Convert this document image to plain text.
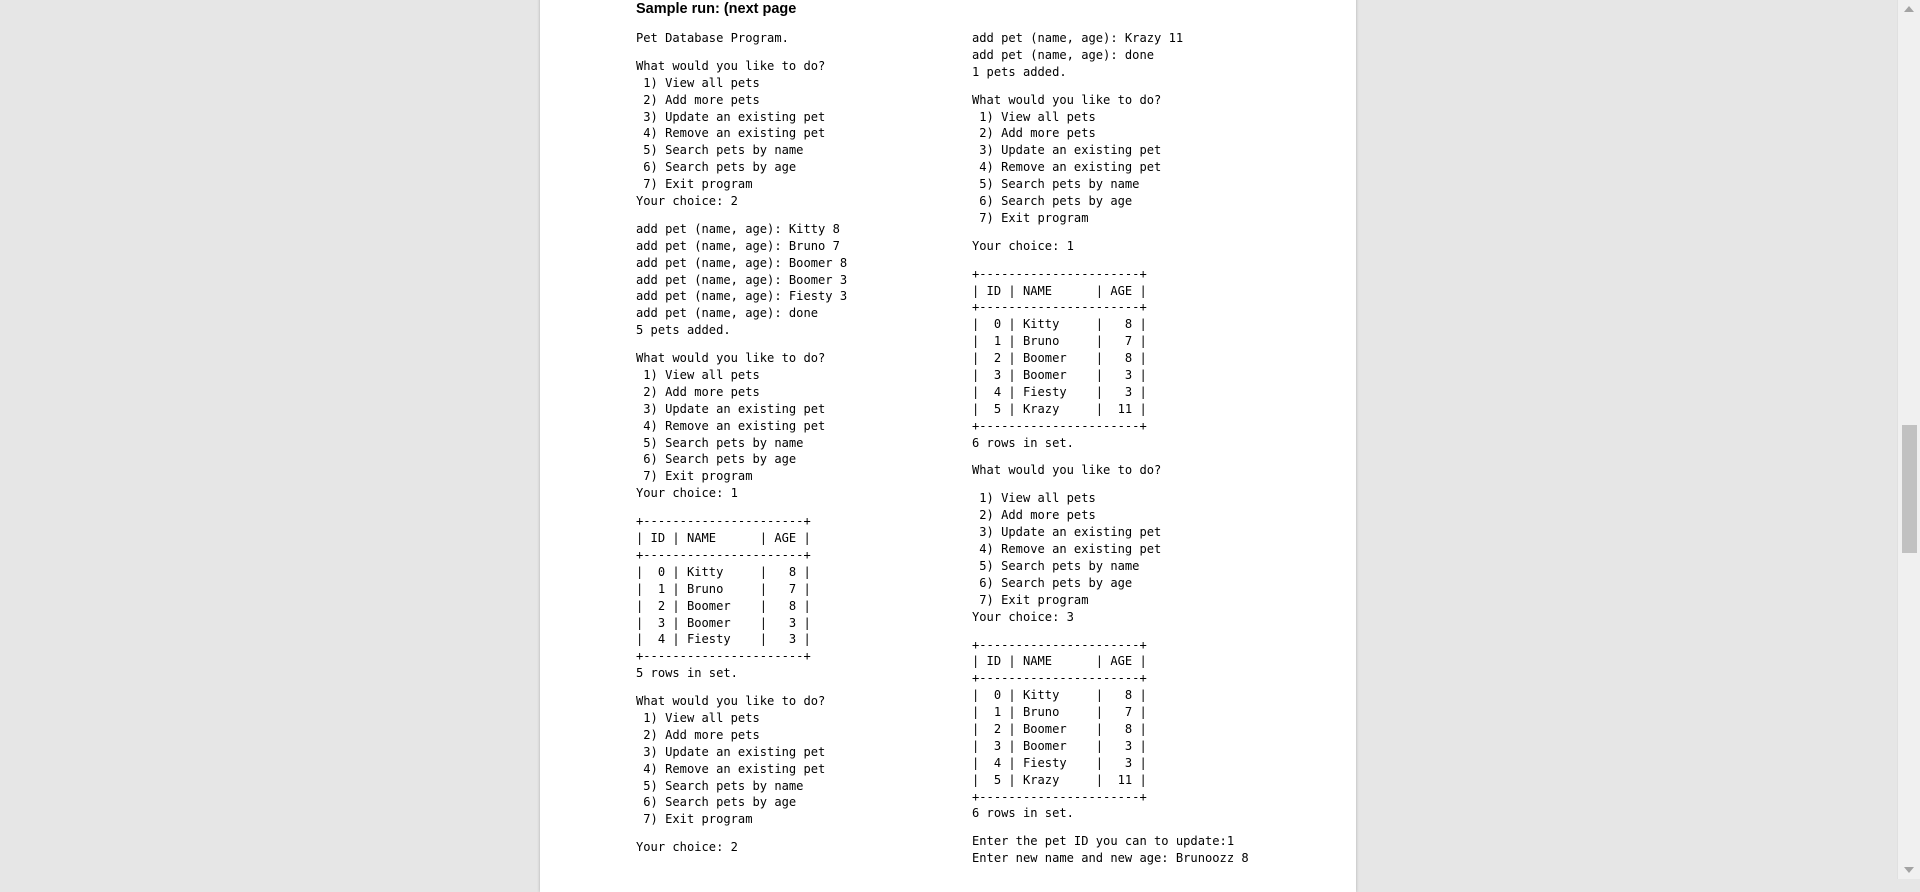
Sample run: (next page
Pet Database Program.
What would you like to do?
1) View all pets
2) Add more pets
3) Update an existing pet
4) Remove an existing pet
5) Search pets by name
6) Search pets by age
7) Exit program
Your choice: 2
add pet (name, age): Kitty 8
add pet (name, age): Bruno 7
add pet (name, age): Boomer 8
add pet (name, age): Boomer 3
add pet (name, age): Fiesty 3
add pet (name, age): done
5 pets added.
What would you like to do?
1) View all pets
2) Add more pets
3) Update an existing pet
4) Remove an existing pet
5) Search pets by name
6) Search pets by age
7) Exit program
Your choice: 1
+----------------------+
| ID | NAME      | AGE |
+----------------------+
|  0 | Kitty     |   8 |
|  1 | Bruno     |   7 |
|  2 | Boomer    |   8 |
|  3 | Boomer    |   3 |
|  4 | Fiesty    |   3 |
+----------------------+
5 rows in set.
What would you like to do?
1) View all pets
2) Add more pets
3) Update an existing pet
4) Remove an existing pet
5) Search pets by name
6) Search pets by age
7) Exit program
Your choice: 2
add pet (name, age): Krazy 11
add pet (name, age): done
1 pets added.
What would you like to do?
1) View all pets
2) Add more pets
3) Update an existing pet
4) Remove an existing pet
5) Search pets by name
6) Search pets by age
7) Exit program
Your choice: 1
+----------------------+
| ID | NAME      | AGE |
+----------------------+
|  0 | Kitty     |   8 |
|  1 | Bruno     |   7 |
|  2 | Boomer    |   8 |
|  3 | Boomer    |   3 |
|  4 | Fiesty    |   3 |
|  5 | Krazy     |  11 |
+----------------------+
6 rows in set.
What would you like to do?
1) View all pets
2) Add more pets
3) Update an existing pet
4) Remove an existing pet
5) Search pets by name
6) Search pets by age
7) Exit program
Your choice: 3
+----------------------+
| ID | NAME      | AGE |
+----------------------+
|  0 | Kitty     |   8 |
|  1 | Bruno     |   7 |
|  2 | Boomer    |   8 |
|  3 | Boomer    |   3 |
|  4 | Fiesty    |   3 |
|  5 | Krazy     |  11 |
+----------------------+
6 rows in set.
Enter the pet ID you can to update:1
Enter new name and new age: Brunoozz 8
